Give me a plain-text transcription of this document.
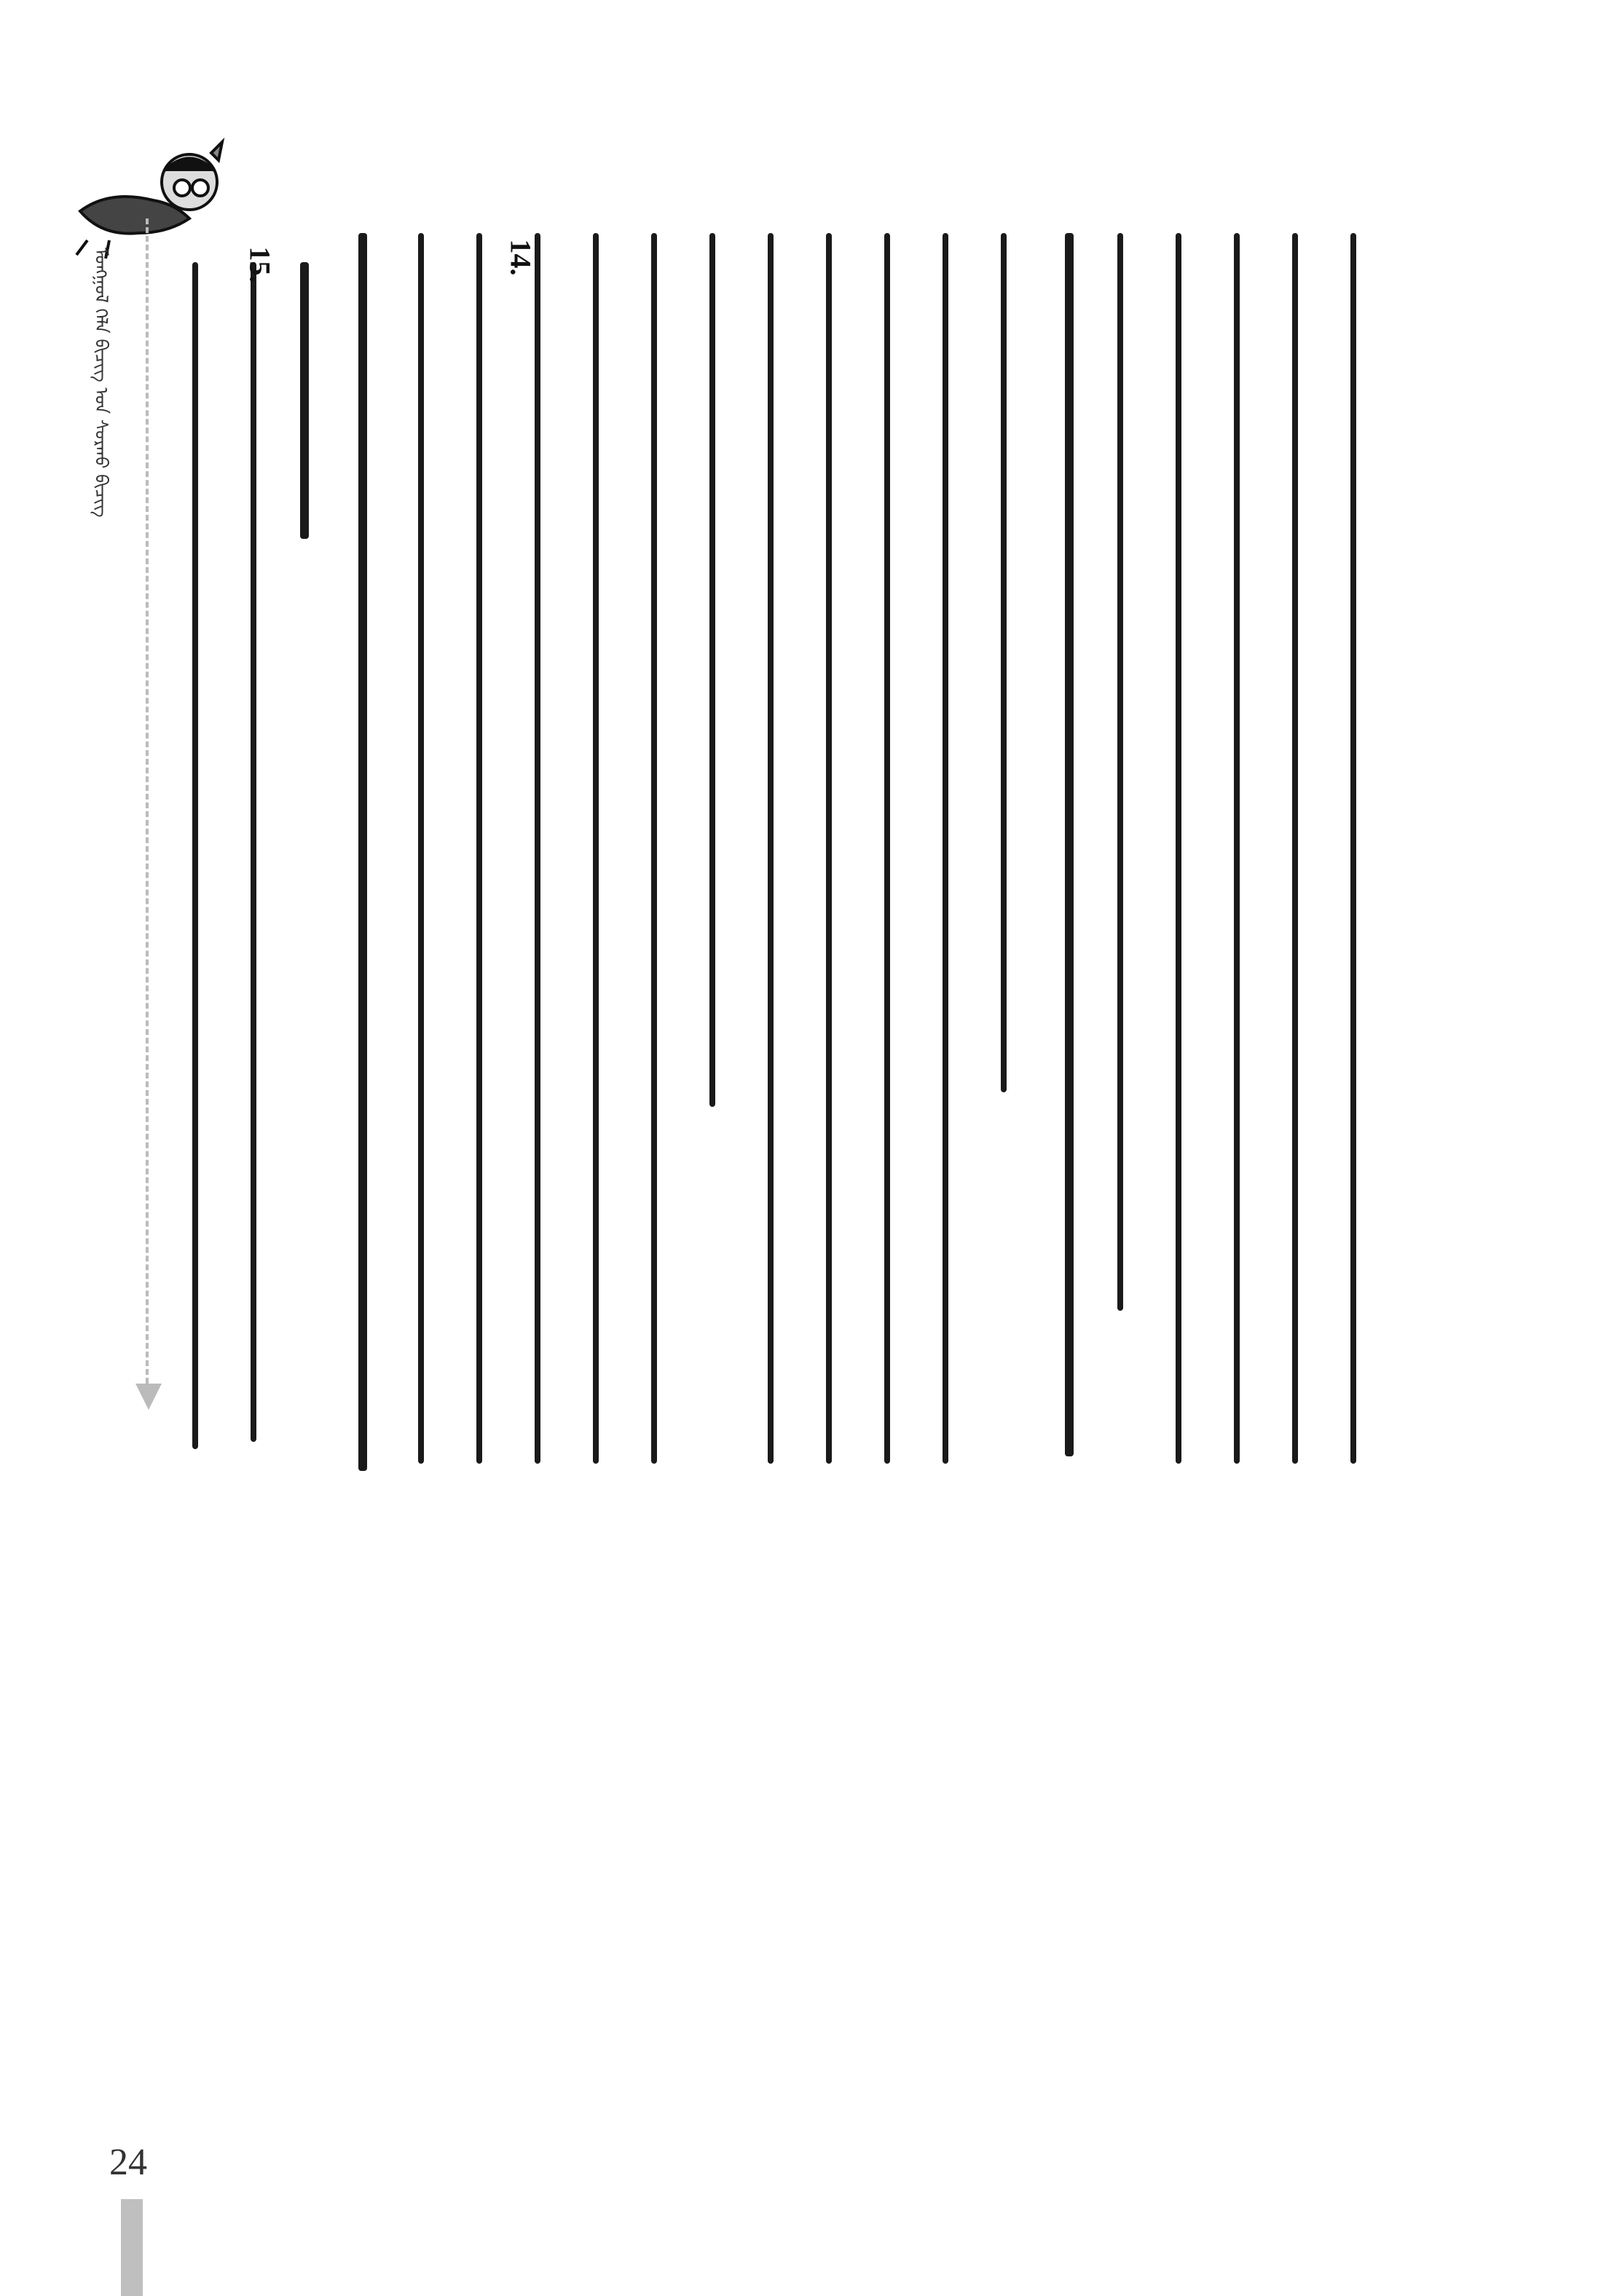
ᠮᠣᠩᠭᠣᠯ ᠬᠡᠯᠡ ᠪᠢᠴᠢᠭ ᠤᠨ ᠰᠤᠷᠬᠤ ᠪᠢᠴᠢᠭ	15.	14.
24
